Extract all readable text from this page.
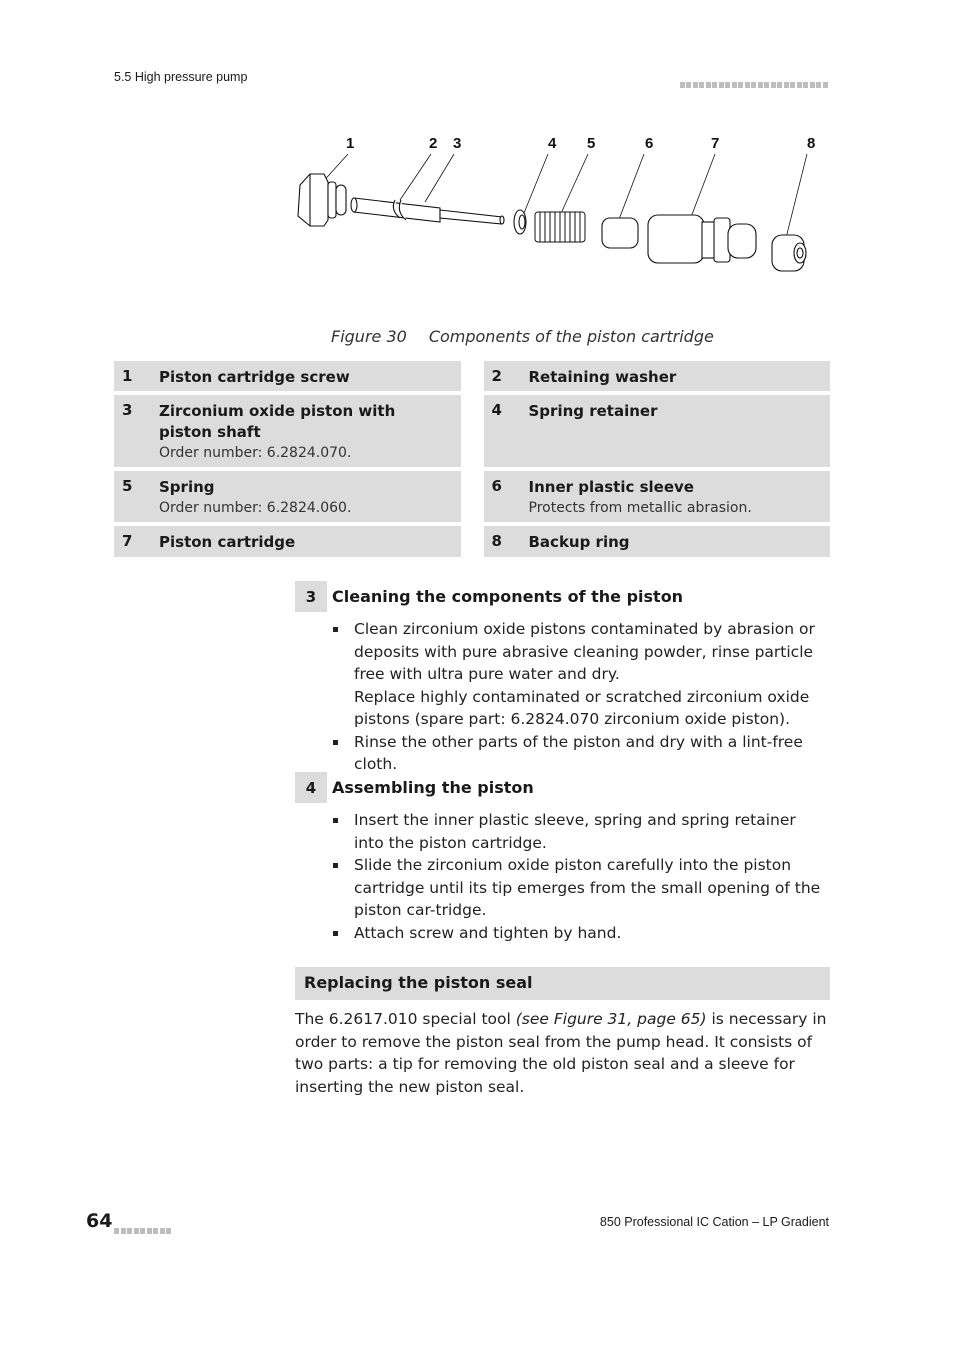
5.5 High pressure pump
1	2 3	4 5	6	7	8
Figure 30 Components of the piston cartridge
1	Piston cartridge screw	2	Retaining washer
3	Zirconium oxide piston with piston shaft
Order number: 6.2824.070.
4	Spring retainer
5	Spring
Order number: 6.2824.060.
6	Inner plastic sleeve
Protects from metallic abrasion.
7	Piston cartridge	8	Backup ring
3 Cleaning the components of the piston
Clean zirconium oxide pistons contaminated by abrasion or deposits with pure abrasive cleaning powder, rinse particle free with ultra pure water and dry.
Replace highly contaminated or scratched zirconium oxide pistons (spare part: 6.2824.070 zirconium oxide piston).
Rinse the other parts of the piston and dry with a lint-free cloth.
4 Assembling the piston
Insert the inner plastic sleeve, spring and spring retainer into the piston cartridge.
Slide the zirconium oxide piston carefully into the piston cartridge until its tip emerges from the small opening of the piston car-tridge.
Attach screw and tighten by hand.
Replacing the piston seal
The 6.2617.010 special tool (see Figure 31, page 65) is necessary in order to remove the piston seal from the pump head. It consists of two parts: a tip for removing the old piston seal and a sleeve for inserting the new piston seal.
64	850 Professional IC Cation – LP Gradient
